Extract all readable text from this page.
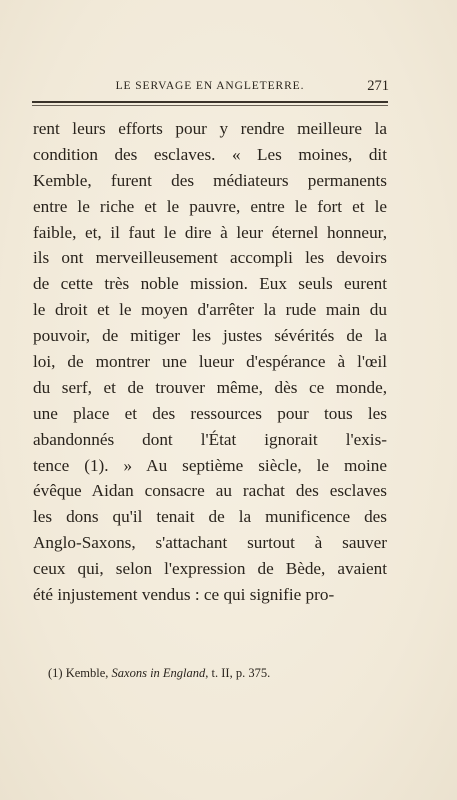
LE SERVAGE EN ANGLETERRE.	271
rent leurs efforts pour y rendre meilleure la
condition des esclaves. « Les moines, dit
Kemble, furent des médiateurs permanents
entre le riche et le pauvre, entre le fort et le
faible, et, il faut le dire à leur éternel honneur,
ils ont merveilleusement accompli les devoirs
de cette très noble mission. Eux seuls eurent
le droit et le moyen d'arrêter la rude main du
pouvoir, de mitiger les justes sévérités de la
loi, de montrer une lueur d'espérance à l'œil
du serf, et de trouver même, dès ce monde,
une place et des ressources pour tous les
abandonnés dont l'État ignorait l'exis-
tence (1). » Au septième siècle, le moine
évêque Aidan consacre au rachat des esclaves
les dons qu'il tenait de la munificence des
Anglo-Saxons, s'attachant surtout à sauver
ceux qui, selon l'expression de Bède, avaient
été injustement vendus : ce qui signifie pro-
(1) Kemble, Saxons in England, t. II, p. 375.
